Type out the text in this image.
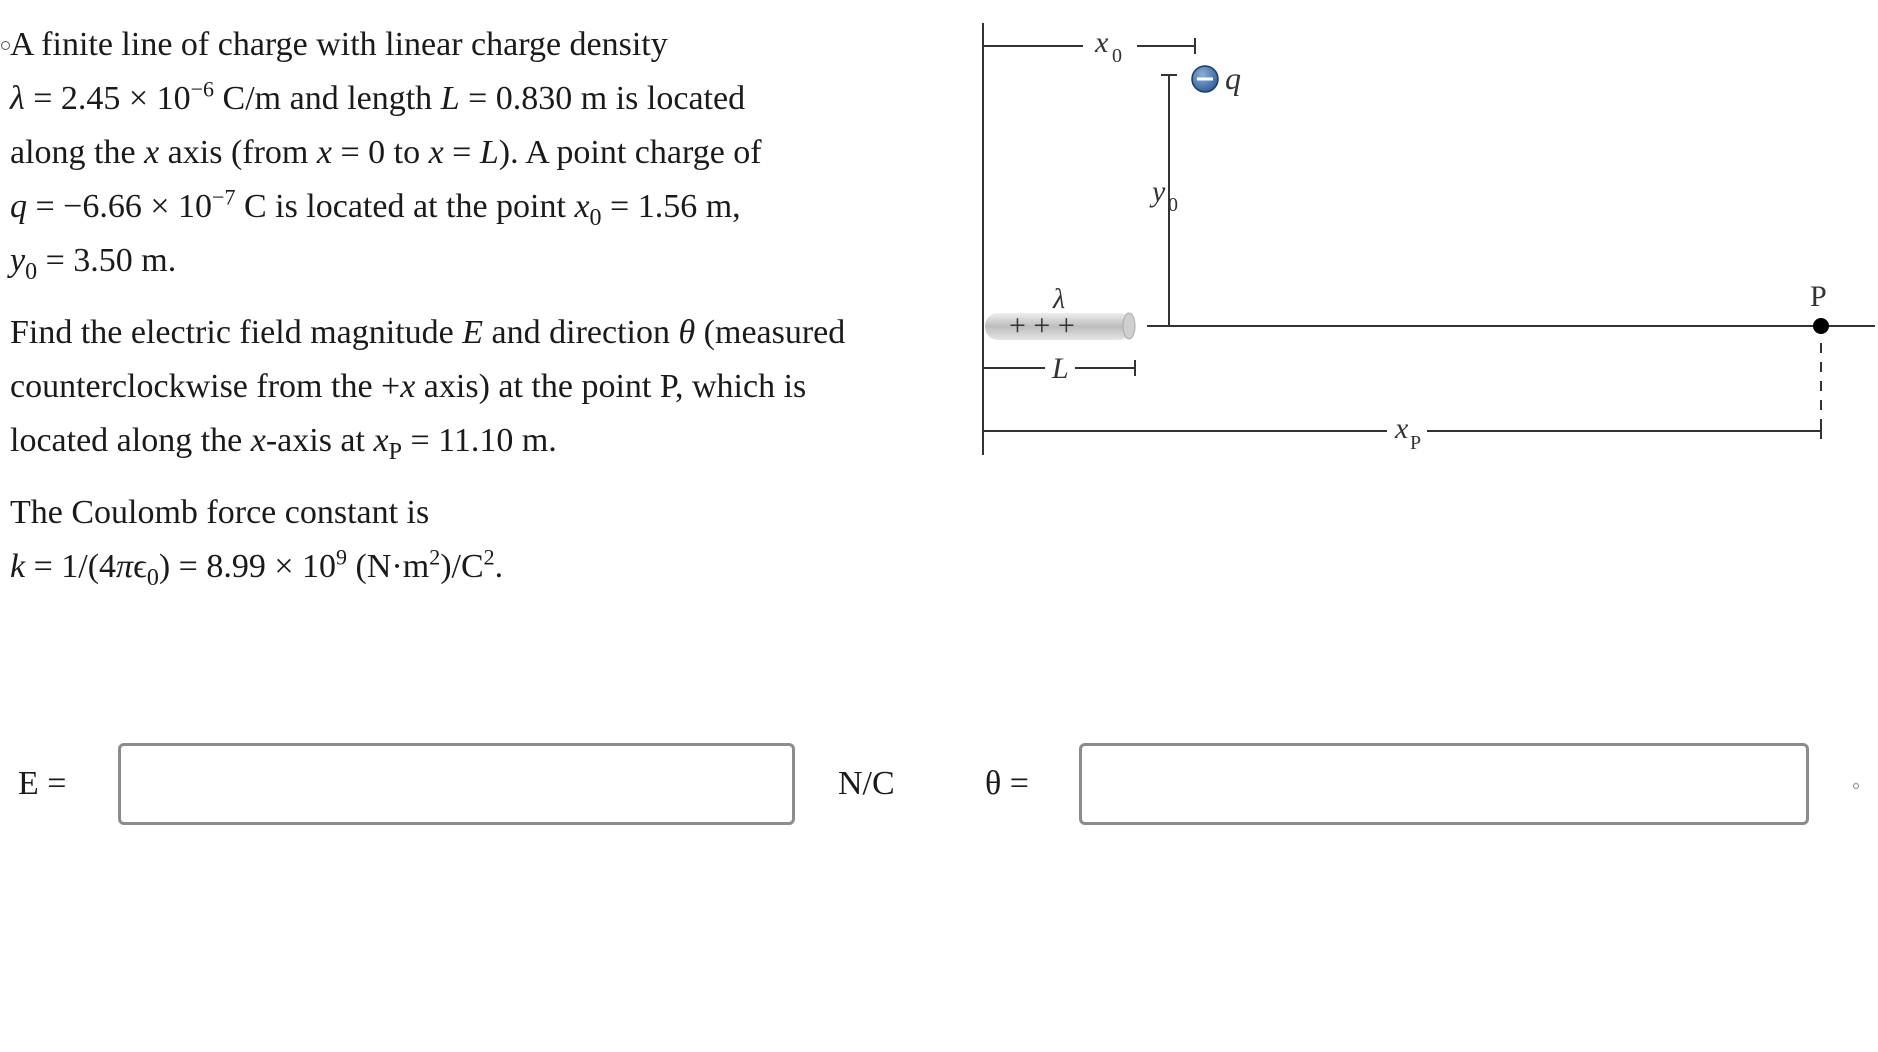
A finite line of charge with linear charge density
$\lambda = 2.45 \times 10^{-6}$ C/m and length L = 0.830 m is located
along the x axis (from x = 0 to x = L). A point charge of
$q = -6.66 \times 10^{-7}$ C is located at the point $x_0 = 1.56$ m,
$y_0 = 3.50$ m.

Find the electric field magnitude E and direction θ (measured
counterclockwise from the +x axis) at the point P, which is
located along the x-axis at $x_P = 11.10$ m.

The Coulomb force constant is
$k = 1/(4\pi\epsilon_0) = 8.99 \times 10^9$ $(N\cdot m^2)/C^2$.

x 0
q
y 0
λ
+ + +
L
P
x P
E =	N/C	θ =
